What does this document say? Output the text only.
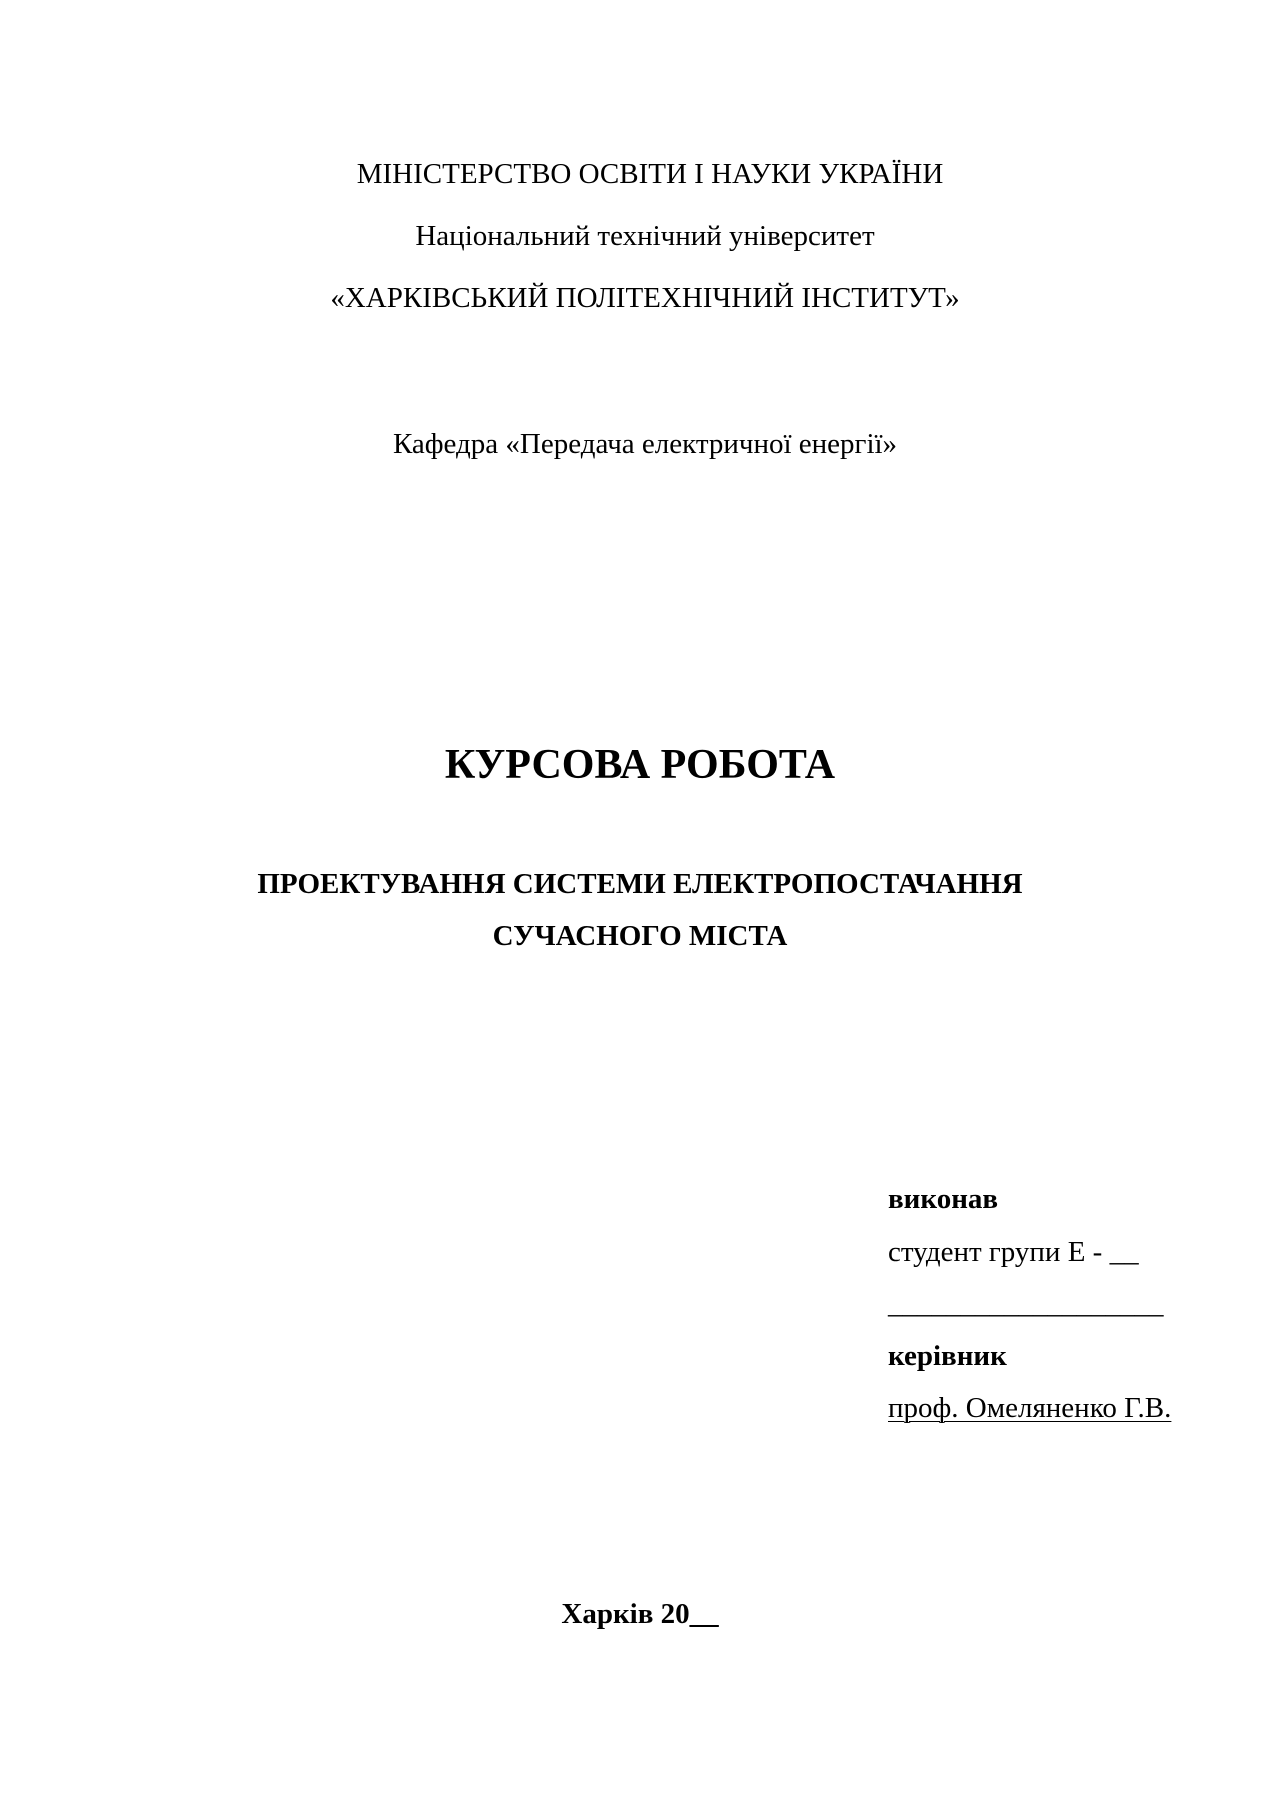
МІНІСТЕРСТВО ОСВІТИ І НАУКИ УКРАЇНИ
Національний технічний університет
«ХАРКІВСЬКИЙ ПОЛІТЕХНІЧНИЙ ІНСТИТУТ»
Кафедра «Передача електричної енергії»
КУРСОВА РОБОТА
ПРОЕКТУВАННЯ СИСТЕМИ ЕЛЕКТРОПОСТАЧАННЯ
СУЧАСНОГО МІСТА
виконав
студент групи Е - __
___________________
керівник
проф. Омеляненко Г.В.
Харків 20__
